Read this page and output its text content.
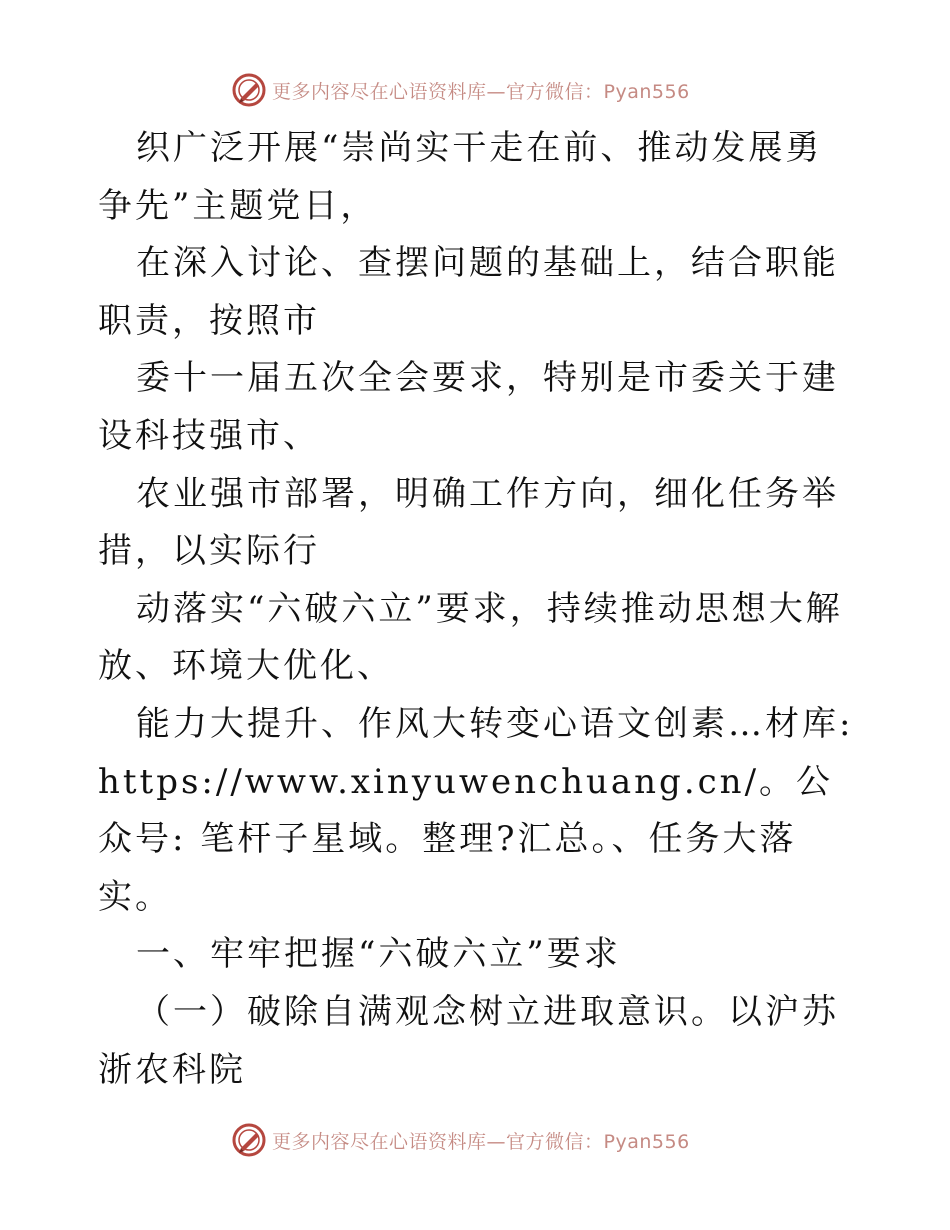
更多内容尽在心语资料库—官方微信：Pyan556

织广泛开展“崇尚实干走在前、推动发展勇争先”主题党日，

在深入讨论、查摆问题的基础上，结合职能职责，按照市

委十一届五次全会要求，特别是市委关于建设科技强市、

农业强市部署，明确工作方向，细化任务举措，以实际行

动落实“六破六立”要求，持续推动思想大解放、环境大优化、

能力大提升、作风大转变心语文创素…材库:https://www.xinyuwenchuang.cn/。公众号: 笔杆子星域。整理?汇总。、任务大落实。

一、牢牢把握“六破六立”要求

（一）破除自满观念树立进取意识。以沪苏浙农科院

更多内容尽在心语资料库—官方微信：Pyan556
